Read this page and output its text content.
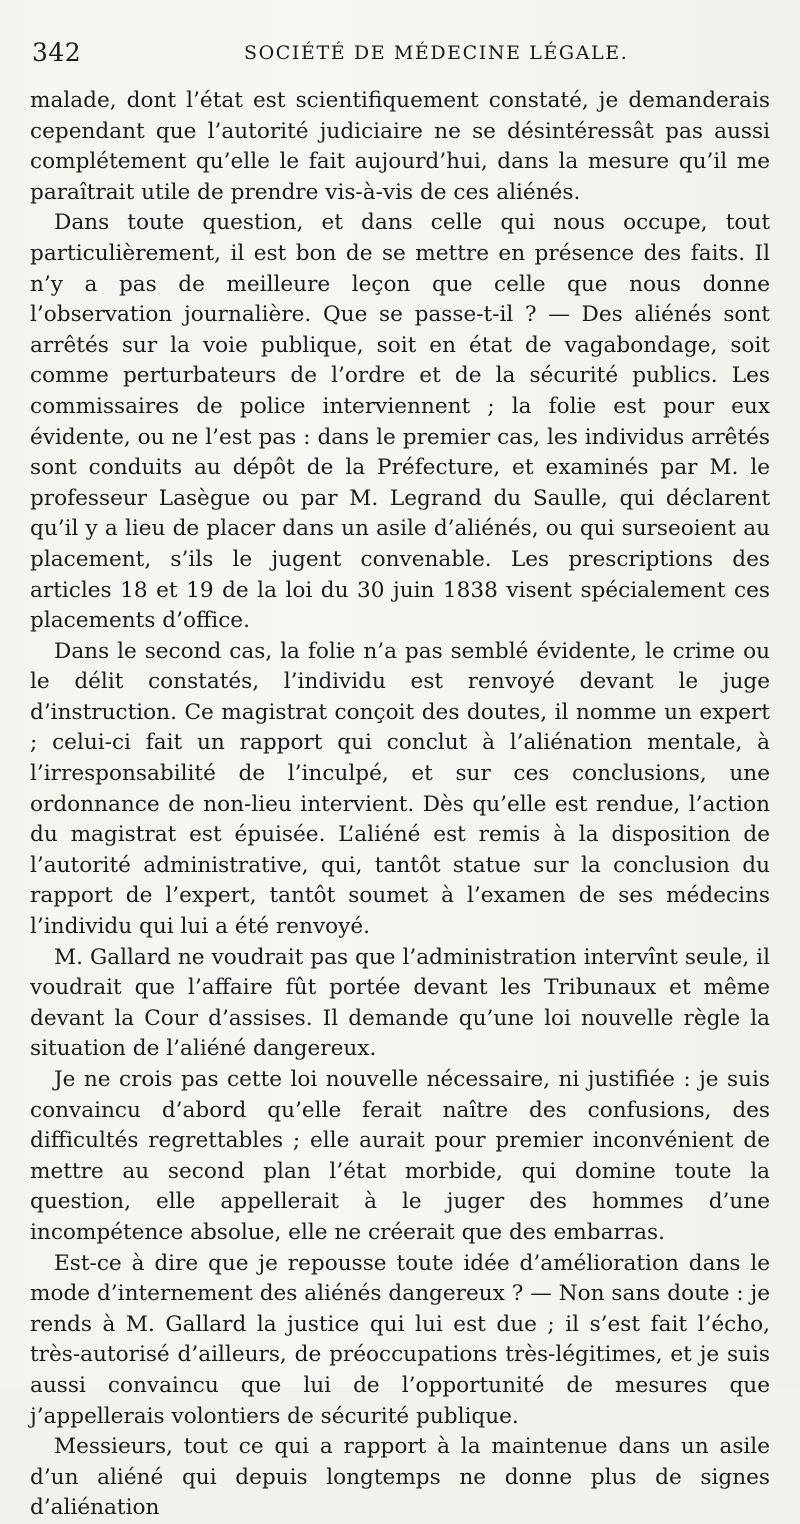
342	SOCIÉTÉ DE MÉDECINE LÉGALE.

malade, dont l’état est scientifiquement constaté, je demanderais cependant que l’autorité judiciaire ne se désintéressât pas aussi complétement qu’elle le fait aujourd’hui, dans la mesure qu’il me paraîtrait utile de prendre vis-à-vis de ces aliénés.

Dans toute question, et dans celle qui nous occupe, tout particulièrement, il est bon de se mettre en présence des faits. Il n’y a pas de meilleure leçon que celle que nous donne l’observation journalière. Que se passe-t-il ? — Des aliénés sont arrêtés sur la voie publique, soit en état de vagabondage, soit comme perturbateurs de l’ordre et de la sécurité publics. Les commissaires de police interviennent ; la folie est pour eux évidente, ou ne l’est pas : dans le premier cas, les individus arrêtés sont conduits au dépôt de la Préfecture, et examinés par M. le professeur Lasègue ou par M. Legrand du Saulle, qui déclarent qu’il y a lieu de placer dans un asile d’aliénés, ou qui surseoient au placement, s’ils le jugent convenable. Les prescriptions des articles 18 et 19 de la loi du 30 juin 1838 visent spécialement ces placements d’office.

Dans le second cas, la folie n’a pas semblé évidente, le crime ou le délit constatés, l’individu est renvoyé devant le juge d’instruction. Ce magistrat conçoit des doutes, il nomme un expert ; celui-ci fait un rapport qui conclut à l’aliénation mentale, à l’irresponsabilité de l’inculpé, et sur ces conclusions, une ordonnance de non-lieu intervient. Dès qu’elle est rendue, l’action du magistrat est épuisée. L’aliéné est remis à la disposition de l’autorité administrative, qui, tantôt statue sur la conclusion du rapport de l’expert, tantôt soumet à l’examen de ses médecins l’individu qui lui a été renvoyé.

M. Gallard ne voudrait pas que l’administration intervînt seule, il voudrait que l’affaire fût portée devant les Tribunaux et même devant la Cour d’assises. Il demande qu’une loi nouvelle règle la situation de l’aliéné dangereux.

Je ne crois pas cette loi nouvelle nécessaire, ni justifiée : je suis convaincu d’abord qu’elle ferait naître des confusions, des difficultés regrettables ; elle aurait pour premier inconvénient de mettre au second plan l’état morbide, qui domine toute la question, elle appellerait à le juger des hommes d’une incompétence absolue, elle ne créerait que des embarras.

Est-ce à dire que je repousse toute idée d’amélioration dans le mode d’internement des aliénés dangereux ? — Non sans doute : je rends à M. Gallard la justice qui lui est due ; il s’est fait l’écho, très-autorisé d’ailleurs, de préoccupations très-légitimes, et je suis aussi convaincu que lui de l’opportunité de mesures que j’appellerais volontiers de sécurité publique.

Messieurs, tout ce qui a rapport à la maintenue dans un asile d’un aliéné qui depuis longtemps ne donne plus de signes d’aliénation
